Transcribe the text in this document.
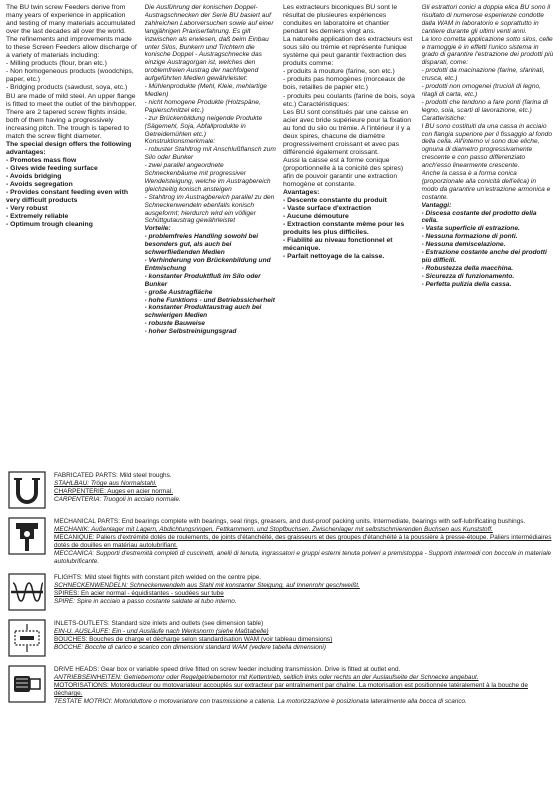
The BU twin screw Feeders derive from many years of experience in application and testing of many materials accumulated over the last decades all over the world.

The refinements and improvements made to these Screen Feeders allow discharge of a variety of materials including:

- Milling products (flour, bran etc.)
- Non homogeneous products (woodchips, paper, etc.)
- Bridging products (sawdust, soya, etc.)

BU are made of mild steel. An upper flange is fitted to meet the outlet of the bin/hopper. There are 2 tapered screw flights inside, both of them having a progressively increasing pitch. The trough is tapered to match the screw flight diameter.

The special design offers the following advantages:

- Promotes mass flow
- Gives wide feeding surface
- Avoids bridging
- Avoids segregation
- Provides constant feeding even with very difficult products
- Very robust
- Extremely reliable
- Optimum trough cleaning

Die Ausführung der konischen Doppel-Austragschnecken der Serie BU basiert auf zahlreichen Laborversuchen sowie auf einer langjährigen Praxiserfahrung. Es gilt inzwischen als erwiesen, daß beim Einbau unter Silos, Bunkern und Trichtern die konische Doppel - Austragschnecke das einzige Austragorgan ist, welches den problemfreien Austrag der nachfolgend aufgeführten Medien gewährleistet:

- Mühlenprodukte (Mehl, Kleie, mehlartige Medien)
- nicht homogene Produkte (Holzspäne, Papierschnitzel etc.)
- zur Brückenbildung neigende Produkte (Sägemehl, Soja, Abfallprodukte in Getreidemühlen etc.)

Konstruktionsmerkmale:

- robuster Stahltrog mit Anschlußflansch zum Silo oder Bunker
- zwei parallel angeordnete Schneckenbäume mit progressiver Wendelsteigung, welche im Austragbereich gleichzeitig konisch ansteigen
- Stahltrog im Austragbereich parallel zu den Schneckenwendeln ebenfalls konisch ausgeformt; hierdurch wird ein völliger Schüttgutaustrag gewährleistet

Vorteile:

- problemfreies Handling sowohl bei besonders gut, als auch bei schwerfließenden Medien
- Verhinderung von Brückenbildung und Entmischung
- konstanter Produktfluß im Silo oder Bunker
- große Austragfläche
- hohe Funktions - und Betriebssicherheit
- konstanter Produktaustrag auch bei schwierigen Medien
- robuste Bauweise
- hoher Selbstreinigungsgrad

Les extracteurs biconiques BU sont le résultat de plusieures expériences conduites en laboratoire et chantier pendant les derniers vingt ans.

La naturelle application des extracteurs est sous silo ou trémie et représente l'unique système qui peut garantir l'extraction des produits comme:

- produits à mouture (farine, son etc.)
- produits pas homogènes (morceaux de bois, retailles de papier etc.)
- produits peu coulants (farine de bois, soya etc.) Caractéristiques:

Les BU sont constitués par une caisse en acier avec bride supérieure pour la fixation au fond du silo ou trémie. A l'intérieur il y a deux spires, chacune de diamètre progressivement croissant et avec pas différencié également croissant.

Aussi la caisse est à forme conique (proportionnelle à la conicité des spires) afin de pouvoir garantir une extraction homogène et constante.

Avantages:

- Descente constante du produit
- Vaste surface d'extraction
- Aucune démouture
- Extraction constante même pour les produits les plus difficiles.
- Fiabilité au niveau fonctionnel et mécanique.
- Parfait nettoyage de la caisse.

Gli estrattori conici a doppia elica BU sono il risultato di numerose esperienze condotte dalla WAM in laboratorio e soprattutto in cantiere durante gli ultimi venti anni.

La loro corretta applicazione sotto silos, celle e tramoggie è in effetti l'unico sistema in grado di garantire l'estrazione dei prodotti più disparati, come:

- prodotti da macinazione (farine, sfarinati, crusca, etc.)
- prodotti non omogenei (trucioli di legno, ritagli di carta, etc.)
- prodotti che tendono a fare ponti (farina di legno, soia, scarti di lavorazione, etc.)

Caratteristiche:

I BU sono costituiti da una cassa in acciaio con flangia superiore per il fissaggio al fondo della cella. All'interno vi sono due eliche, ognuna di diametro progressivamente crescente e con passo differenziato anch'esso linearmente crescente.

Anche la cassa è a forma conica (proporzionale alla conicità dell'elica) in modo da garantire un'estrazione armonica e costante.

Vantaggi:

- Discesa costante del prodotto della cella.
- Vasta superficie di estrazione.
- Nessuna formazione di ponti.
- Nessuna demiscelazione.
- Estrazione costante anche dei prodotti più difficili.
- Robustezza della macchina.
- Sicurezza di funzionamento.
- Perfetta pulizia della cassa.

FABRICATED PARTS: Mild steel troughs.

STAHLBAU: Tröge aus Normalstahl.

CHARPENTERIE: Auges en acier normal.

CARPENTERIA: Truogoli in acciaio normale.

MECHANICAL PARTS: End bearings complete with bearings, seal rings, greasers, and dust-proof packing units. Intermediate, bearings with self-lubrificating bushings.

MECHANIK: Außenlager mit Lagern, Abdichtungsringen, Fettkammern, und Stopfbuchsen. Zwischenlager mit selbstschmierenden Buchsen aus Kunststoff.

MECANIQUE: Paliers d'extrémité dotés de roulements, de joints d'étanchéité, des graisseurs et des groupes d'étanchéité à la poussière à presse-étoupe. Paliers intermédiaires dotés de douilles en matériau autolubrifiant.

MECCANICA: Supporti d'estremità completi di cuscinetti, anelli di tenuta, ingrassatori e gruppi esterni tenuta polveri a premistoppa - Supporti intermedi con boccole in materiale autolubrificante.

FLIGHTS: Mild steel flights with constant pitch welded on the centre pipe.

SCHNECKENWENDELN: Schneckenwendeln aus Stahl mit konstanter Steigung, auf Innenrohr geschweißt.

SPIRES: En acier normal - équidistantes - soudées sur tube

SPIRE: Spire in acciaio a passo costante saldate al tubo interno.

INLETS-OUTLETS: Standard size inlets and outlets (see dimension table)

EIN-U. AUSLÄUFE: Ein - und Ausläufe nach Werksnorm (siehe Maßtabelle)

BOUCHES: Bouches de charge et décharge selon standardisation WAM (voir tableau dimensions)

BOCCHE: Bocche di carico e scarico con dimensioni standard WAM (vedere tabella dimensioni)

DRIVE HEADS: Gear box or variable speed drive fitted on screw feeder including transmission. Drive is fitted at outlet end.

ANTRIEBSEINHEITEN: Getriebemotor oder Regelgetriebemotor mit Kettentrieb, seitlich links oder rechts an der Auslaufseite der Schnecke angebaut.

MOTORISATIONS: Motoréducteur ou motovariateur accouplés sur extracteur par entraînement par chaîne. La motorisation est positionnée latéralement à la bouche de décharge.

TESTATE MOTRICI: Motoriduttore o motovariatore con trasmissione a catena. La motorizzazione è posizionata lateralmente alla bocca di scarico.
